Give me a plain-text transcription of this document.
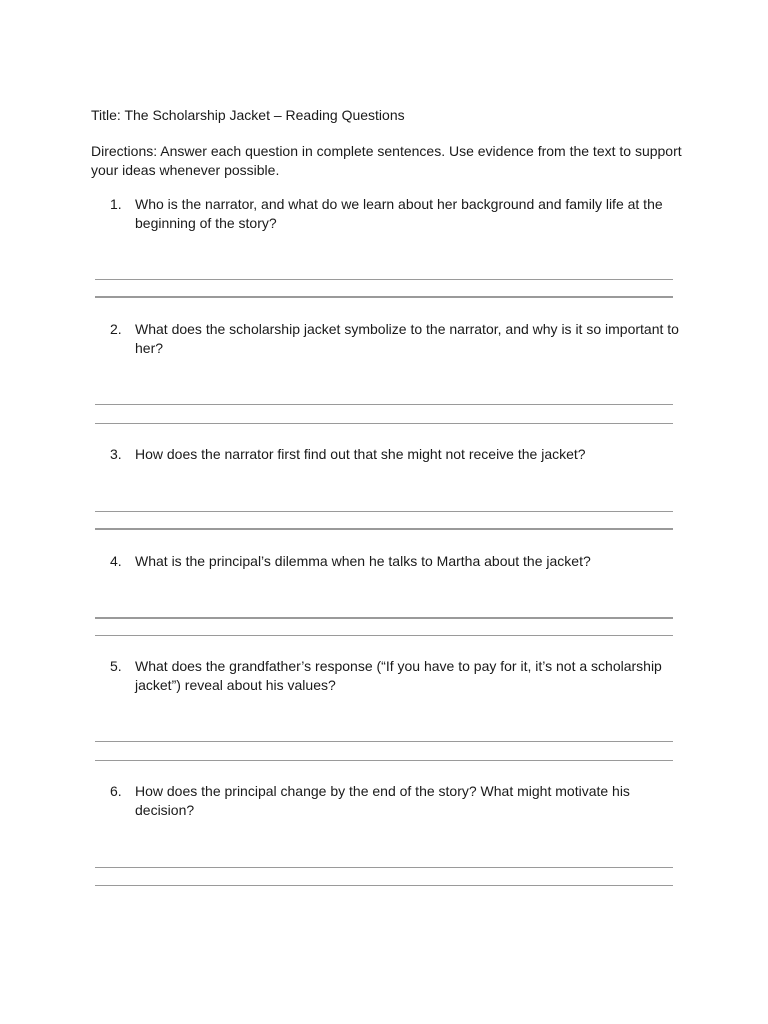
Title: The Scholarship Jacket – Reading Questions

Directions: Answer each question in complete sentences. Use evidence from the text to support your ideas whenever possible.

1. Who is the narrator, and what do we learn about her background and family life at the beginning of the story?
2. What does the scholarship jacket symbolize to the narrator, and why is it so important to her?
3. How does the narrator first find out that she might not receive the jacket?
4. What is the principal’s dilemma when he talks to Martha about the jacket?
5. What does the grandfather’s response (“If you have to pay for it, it’s not a scholarship jacket”) reveal about his values?
6. How does the principal change by the end of the story? What might motivate his decision?
